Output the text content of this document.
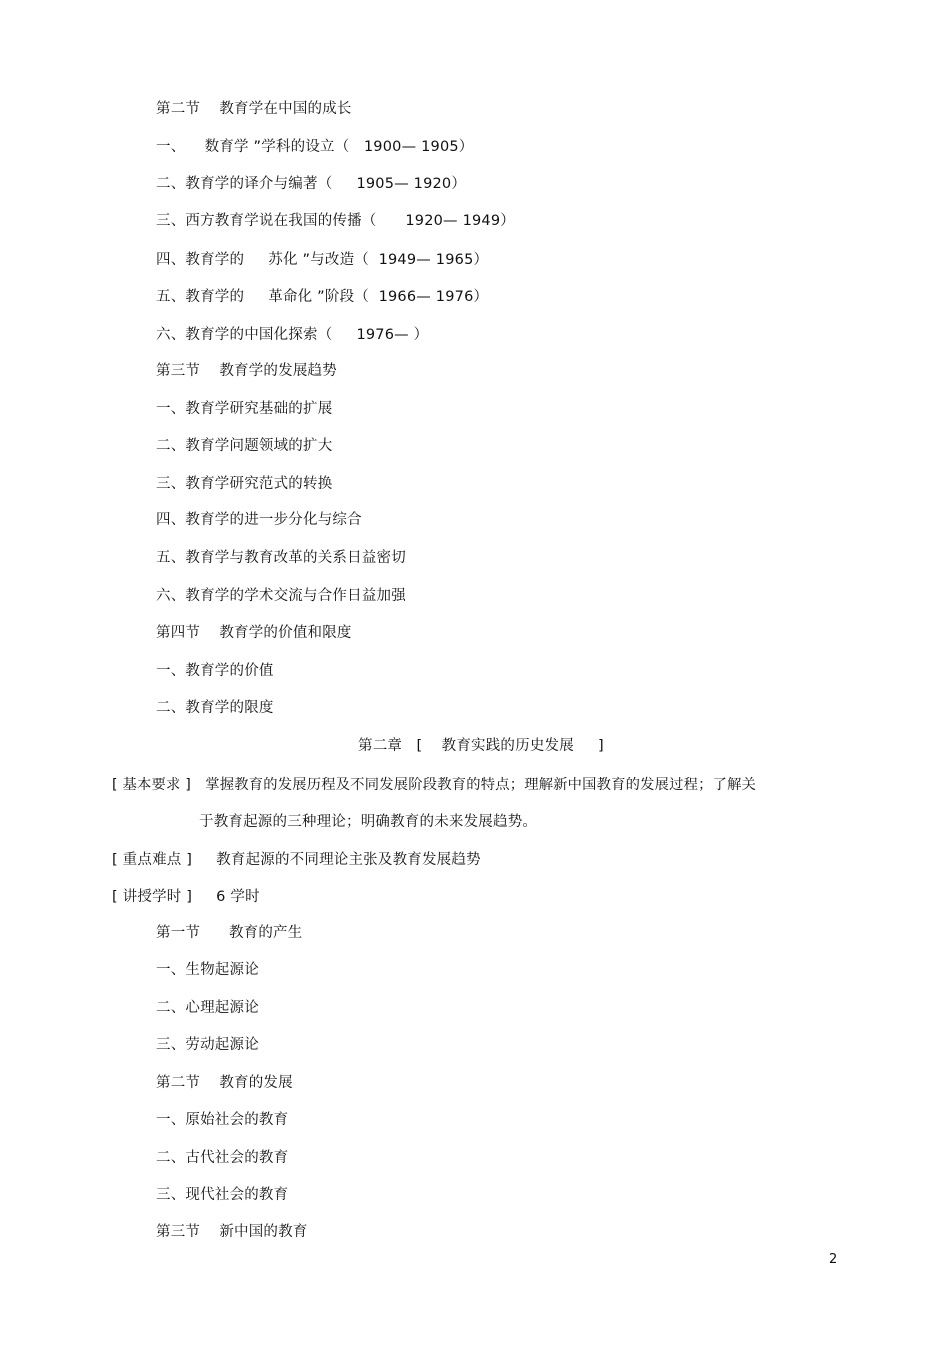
第二节    教育学在中国的成长
一、    数育学 ”学科的设立（   1900— 1905）
二、教育学的译介与编著（     1905— 1920）
三、西方教育学说在我国的传播（      1920— 1949）
四、教育学的     苏化 ”与改造（  1949— 1965）
五、教育学的     革命化 ”阶段（  1966— 1976）
六、教育学的中国化探索（     1976— ）
第三节    教育学的发展趋势
一、教育学研究基础的扩展
二、教育学问题领域的扩大
三、教育学研究范式的转换
四、教育学的进一步分化与综合
五、教育学与教育改革的关系日益密切
六、教育学的学术交流与合作日益加强
第四节    教育学的价值和限度
一、教育学的价值
二、教育学的限度
第二章   [    教育实践的历史发展     ]
[ 基本要求 ]   掌握教育的发展历程及不同发展阶段教育的特点；理解新中国教育的发展过程；了解关
于教育起源的三种理论；明确教育的未来发展趋势。
[ 重点难点 ]     教育起源的不同理论主张及教育发展趋势
[ 讲授学时 ]     6 学时
第一节      教育的产生
一、生物起源论
二、心理起源论
三、劳动起源论
第二节    教育的发展
一、原始社会的教育
二、古代社会的教育
三、现代社会的教育
第三节    新中国的教育
2
